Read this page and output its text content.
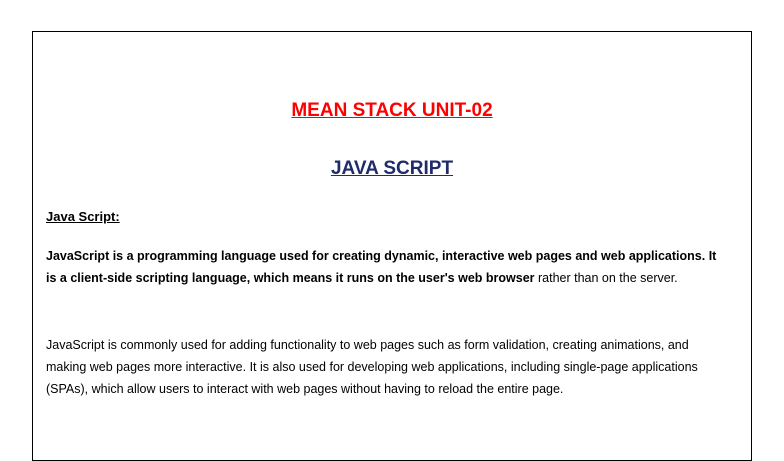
MEAN STACK UNIT-02
JAVA SCRIPT
Java Script:

JavaScript is a programming language used for creating dynamic, interactive web pages and web applications. It is a client-side scripting language, which means it runs on the user's web browser rather than on the server.

JavaScript is commonly used for adding functionality to web pages such as form validation, creating animations, and making web pages more interactive. It is also used for developing web applications, including single-page applications (SPAs), which allow users to interact with web pages without having to reload the entire page.
